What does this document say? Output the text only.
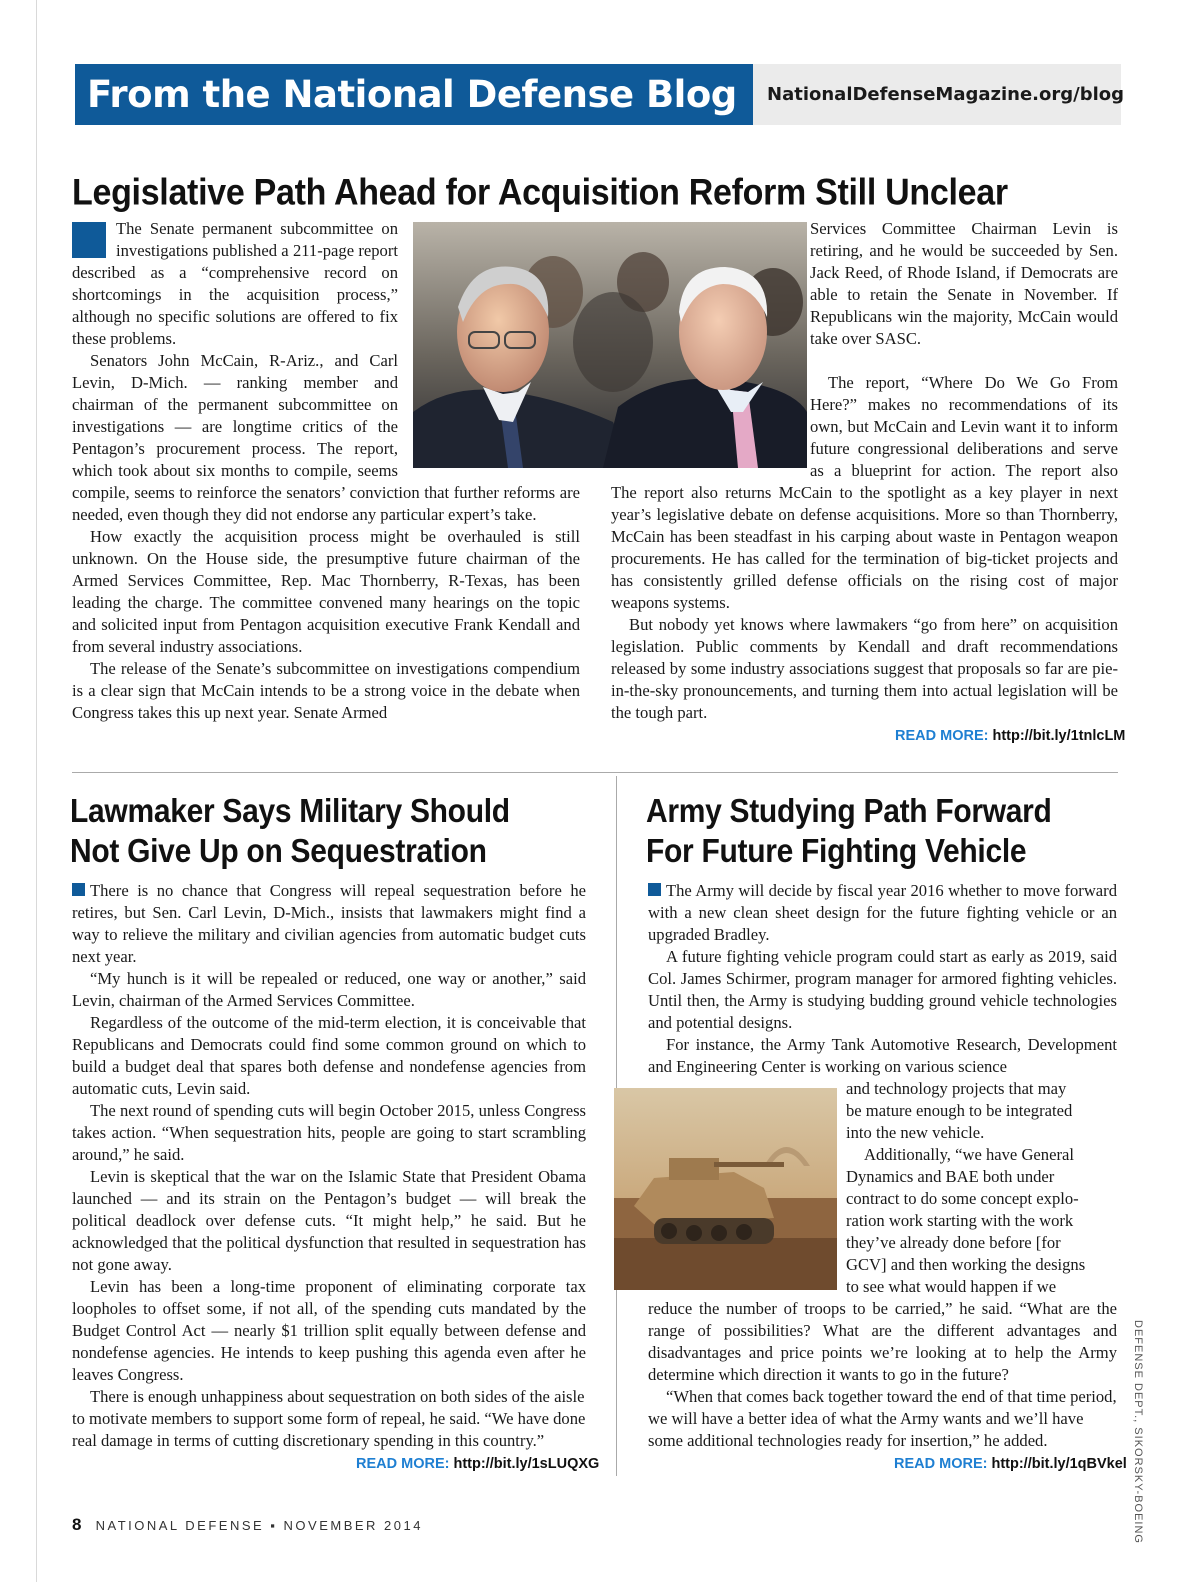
From the National Defense Blog	NationalDefenseMagazine.org/blog
Legislative Path Ahead for Acquisition Reform Still Unclear

The Senate permanent subcommittee on investigations published a 211-page report described as a “comprehensive record on shortcomings in the acquisition process,” although no specific solutions are offered to fix these problems.

Senators John McCain, R-Ariz., and Carl Levin, D-Mich. — ranking member and chairman of the permanent subcommittee on investigations — are longtime critics of the Pentagon’s procurement process. The report, which took about six months to compile, seems

compile, seems to reinforce the senators’ conviction that further reforms are needed, even though they did not endorse any particular expert’s take.

How exactly the acquisition process might be overhauled is still unknown. On the House side, the presumptive future chairman of the Armed Services Committee, Rep. Mac Thornberry, R-Texas, has been leading the charge. The committee convened many hearings on the topic and solicited input from Pentagon acquisition executive Frank Kendall and from several industry associations.

The release of the Senate’s subcommittee on investigations compendium is a clear sign that McCain intends to be a strong voice in the debate when Congress takes this up next year. Senate Armed

Services Committee Chairman Levin is retiring, and he would be succeeded by Sen. Jack Reed, of Rhode Island, if Democrats are able to retain the Senate in November. If Republicans win the majority, McCain would take over SASC.

The report, “Where Do We Go From Here?” makes no recommendations of its own, but McCain and Levin want it to inform future congressional deliberations and serve as a blueprint for action. The report also

The report also returns McCain to the spotlight as a key player in next year’s legislative debate on defense acquisitions. More so than Thornberry, McCain has been steadfast in his carping about waste in Pentagon weapon procurements. He has called for the termination of big-ticket projects and has consistently grilled defense officials on the rising cost of major weapons systems.

But nobody yet knows where lawmakers “go from here” on acquisition legislation. Public comments by Kendall and draft recommendations released by some industry associations suggest that proposals so far are pie-in-the-sky pronouncements, and turning them into actual legislation will be the tough part.

READ MORE: http://bit.ly/1tnlcLM
Lawmaker Says Military Should
Not Give Up on Sequestration

There is no chance that Congress will repeal sequestration before he retires, but Sen. Carl Levin, D-Mich., insists that lawmakers might find a way to relieve the military and civilian agencies from automatic budget cuts next year.

“My hunch is it will be repealed or reduced, one way or another,” said Levin, chairman of the Armed Services Committee.

Regardless of the outcome of the mid-term election, it is conceivable that Republicans and Democrats could find some common ground on which to build a budget deal that spares both defense and nondefense agencies from automatic cuts, Levin said.

The next round of spending cuts will begin October 2015, unless Congress takes action. “When sequestration hits, people are going to start scrambling around,” he said.

Levin is skeptical that the war on the Islamic State that President Obama launched — and its strain on the Pentagon’s budget — will break the political deadlock over defense cuts. “It might help,” he said. But he acknowledged that the political dysfunction that resulted in sequestration has not gone away.

Levin has been a long-time proponent of eliminating corporate tax loopholes to offset some, if not all, of the spending cuts mandated by the Budget Control Act — nearly $1 trillion split equally between defense and nondefense agencies. He intends to keep pushing this agenda even after he leaves Congress.

There is enough unhappiness about sequestration on both sides of the aisle to motivate members to support some form of repeal, he said. “We have done real damage in terms of cutting discretionary spending in this country.”

READ MORE: http://bit.ly/1sLUQXG
Army Studying Path Forward
For Future Fighting Vehicle

The Army will decide by fiscal year 2016 whether to move forward with a new clean sheet design for the future fighting vehicle or an upgraded Bradley.

A future fighting vehicle program could start as early as 2019, said Col. James Schirmer, program manager for armored fighting vehicles. Until then, the Army is studying budding ground vehicle technologies and potential designs.

For instance, the Army Tank Automotive Research, Development and Engineering Center is working on various science

and technology projects that may
be mature enough to be integrated
into the new vehicle.
Additionally, “we have General
Dynamics and BAE both under
contract to do some concept explo-
ration work starting with the work
they’ve already done before [for
GCV] and then working the designs
to see what would happen if we

reduce the number of troops to be carried,” he said. “What are the range of possibilities? What are the different advantages and disadvantages and price points we’re looking at to help the Army determine which direction it wants to go in the future?

“When that comes back together toward the end of that time period, we will have a better idea of what the Army wants and we’ll have some additional technologies ready for insertion,” he added.

READ MORE: http://bit.ly/1qBVkel DEFENSE DEPT., SIKORSKY-BOEING
8 NATIONAL DEFENSE ▪ NOVEMBER 2014
